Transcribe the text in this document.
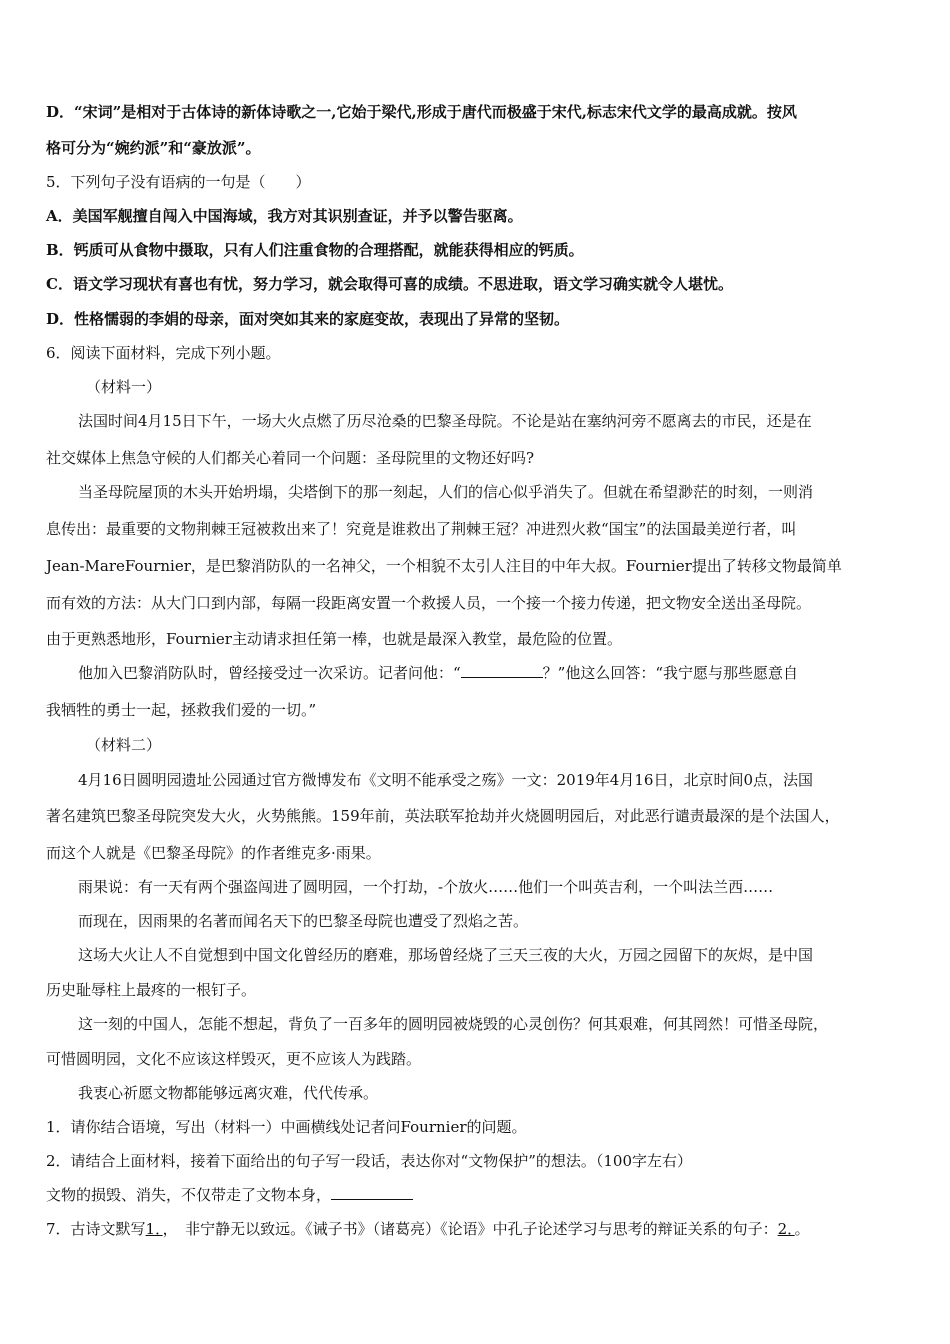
D．“宋词”是相对于古体诗的新体诗歌之一,它始于梁代,形成于唐代而极盛于宋代,标志宋代文学的最高成就。按风
格可分为“婉约派”和“豪放派”。
5．下列句子没有语病的一句是（　　）
A．美国军舰擅自闯入中国海域，我方对其识别查证，并予以警告驱离。
B．钙质可从食物中摄取，只有人们注重食物的合理搭配，就能获得相应的钙质。
C．语文学习现状有喜也有忧，努力学习，就会取得可喜的成绩。不思进取，语文学习确实就令人堪忧。
D．性格懦弱的李娟的母亲，面对突如其来的家庭变故，表现出了异常的坚韧。
6．阅读下面材料，完成下列小题。
（材料一）
法国时间4月15日下午，一场大火点燃了历尽沧桑的巴黎圣母院。不论是站在塞纳河旁不愿离去的市民，还是在
社交媒体上焦急守候的人们都关心着同一个问题：圣母院里的文物还好吗?
当圣母院屋顶的木头开始坍塌，尖塔倒下的那一刻起，人们的信心似乎消失了。但就在希望渺茫的时刻，一则消
息传出：最重要的文物荆棘王冠被救出来了！究竟是谁救出了荆棘王冠？冲进烈火救“国宝”的法国最美逆行者，叫
Jean-MareFournier，是巴黎消防队的一名神父，一个相貌不太引人注目的中年大叔。Fournier提出了转移文物最简单
而有效的方法：从大门口到内部，每隔一段距离安置一个救援人员，一个接一个接力传递，把文物安全送出圣母院。
由于更熟悉地形，Fournier主动请求担任第一棒，也就是最深入教堂，最危险的位置。
他加入巴黎消防队时，曾经接受过一次采访。记者问他：“	？”他这么回答：“我宁愿与那些愿意自
我牺牲的勇士一起，拯救我们爱的一切。”
（材料二）
4月16日圆明园遗址公园通过官方微博发布《文明不能承受之殇》一文：2019年4月16日，北京时间0点，法国
著名建筑巴黎圣母院突发大火，火势熊熊。159年前，英法联军抢劫并火烧圆明园后，对此恶行谴责最深的是个法国人，
而这个人就是《巴黎圣母院》的作者维克多·雨果。
雨果说：有一天有两个强盗闯进了圆明园，一个打劫，-个放火……他们一个叫英吉利，一个叫法兰西……
而现在，因雨果的名著而闻名天下的巴黎圣母院也遭受了烈焰之苦。
这场大火让人不自觉想到中国文化曾经历的磨难，那场曾经烧了三天三夜的大火，万园之园留下的灰烬，是中国
历史耻辱柱上最疼的一根钉子。
这一刻的中国人，怎能不想起，背负了一百多年的圆明园被烧毁的心灵创伤？何其艰难，何其罔然！可惜圣母院，
可惜圆明园，文化不应该这样毁灭，更不应该人为践踏。
我衷心祈愿文物都能够远离灾难，代代传承。
1．请你结合语境，写出（材料一）中画横线处记者问Fournier的问题。
2．请结合上面材料，接着下面给出的句子写一段话，表达你对“文物保护”的想法。（100字左右）
文物的损毁、消失，不仅带走了文物本身，
7．古诗文默写1．，　非宁静无以致远。《诫子书》（诸葛亮）《论语》中孔子论述学习与思考的辩证关系的句子：2．。
